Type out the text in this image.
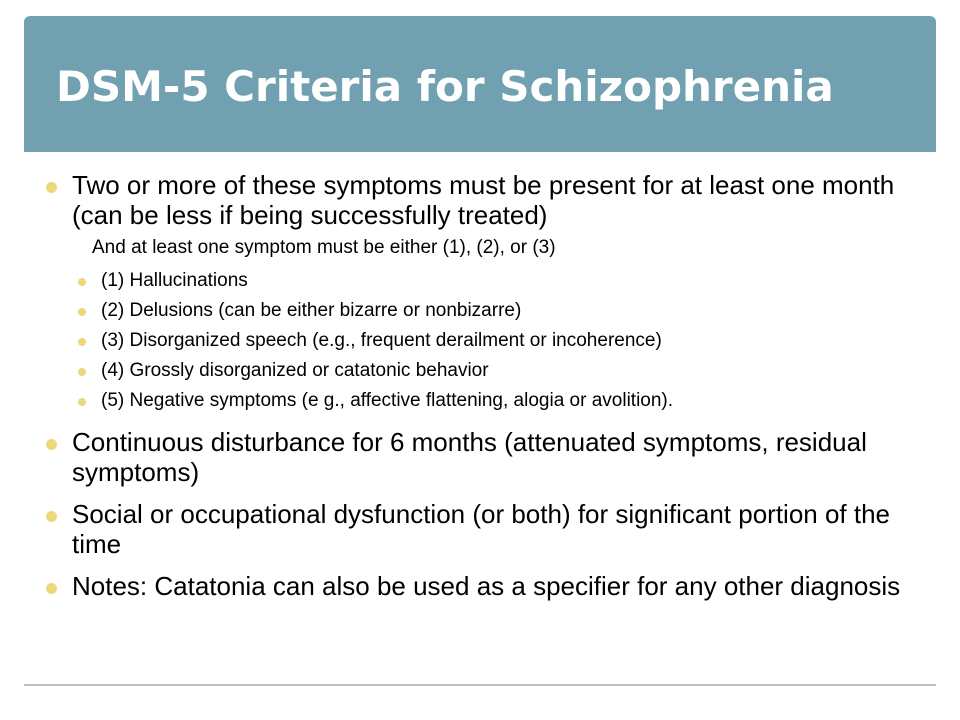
DSM-5 Criteria for Schizophrenia
Two or more of these symptoms must be present for at least one month (can be less if being successfully treated)
And at least one symptom must be either (1), (2), or (3)
(1) Hallucinations
(2) Delusions (can be either bizarre or nonbizarre)
(3) Disorganized speech (e.g., frequent derailment or incoherence)
(4) Grossly disorganized or catatonic behavior
(5) Negative symptoms (e g., affective flattening, alogia or avolition).
Continuous disturbance for 6 months (attenuated symptoms, residual symptoms)
Social or occupational dysfunction (or both) for significant portion of the time
Notes: Catatonia can also be used as a specifier for any other diagnosis
